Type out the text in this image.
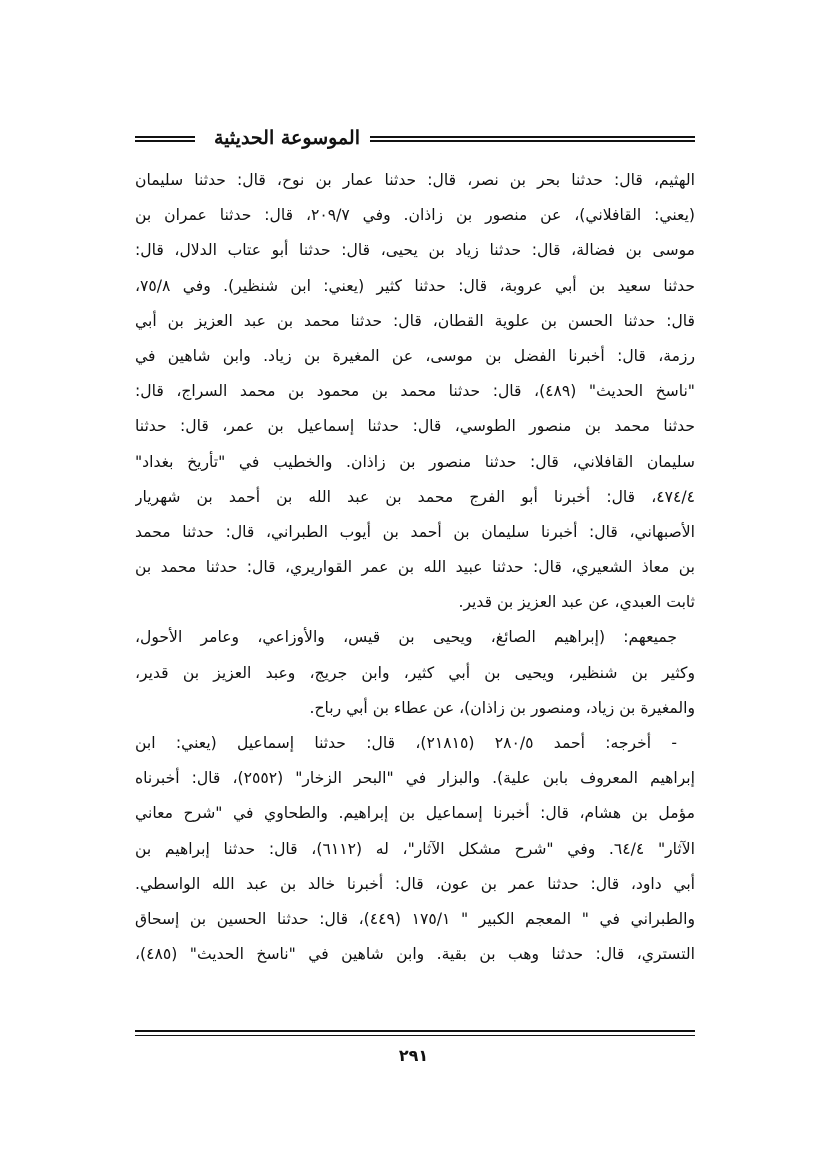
الموسوعة الحديثية
الهثيم، قال: حدثنا بحر بن نصر، قال: حدثنا عمار بن نوح، قال: حدثنا سليمان
(يعني: القافلاني)، عن منصور بن زاذان. وفي ٢٠٩/٧، قال: حدثنا عمران بن
موسى بن فضالة، قال: حدثنا زياد بن يحيى، قال: حدثنا أبو عتاب الدلال، قال:
حدثنا سعيد بن أبي عروبة، قال: حدثنا كثير (يعني: ابن شنظير). وفي ٧٥/٨،
قال: حدثنا الحسن بن علوية القطان، قال: حدثنا محمد بن عبد العزيز بن أبي
رزمة، قال: أخبرنا الفضل بن موسى، عن المغيرة بن زياد. وابن شاهين في
"ناسخ الحديث" (٤٨٩)، قال: حدثنا محمد بن محمود بن محمد السراج، قال:
حدثنا محمد بن منصور الطوسي، قال: حدثنا إسماعيل بن عمر، قال: حدثنا
سليمان القافلاني، قال: حدثنا منصور بن زاذان. والخطيب في "تأريخ بغداد"
٤٧٤/٤، قال: أخبرنا أبو الفرج محمد بن عبد الله بن أحمد بن شهريار
الأصبهاني، قال: أخبرنا سليمان بن أحمد بن أيوب الطبراني، قال: حدثنا محمد
بن معاذ الشعيري، قال: حدثنا عبيد الله بن عمر القواريري، قال: حدثنا محمد بن
ثابت العبدي، عن عبد العزيز بن قدير.
جميعهم: (إبراهيم الصائغ، ويحيى بن قيس، والأوزاعي، وعامر الأحول،
وكثير بن شنظير، ويحيى بن أبي كثير، وابن جريج، وعبد العزيز بن قدير،
والمغيرة بن زياد، ومنصور بن زاذان)، عن عطاء بن أبي رباح.
- أخرجه: أحمد ٢٨٠/٥ (٢١٨١٥)، قال: حدثنا إسماعيل (يعني: ابن
إبراهيم المعروف بابن علية). والبزار في "البحر الزخار" (٢٥٥٢)، قال: أخبرناه
مؤمل بن هشام، قال: أخبرنا إسماعيل بن إبراهيم. والطحاوي في "شرح معاني
الآثار" ٦٤/٤. وفي "شرح مشكل الآثار"، له (٦١١٢)، قال: حدثنا إبراهيم بن
أبي داود، قال: حدثنا عمر بن عون، قال: أخبرنا خالد بن عبد الله الواسطي.
والطبراني في " المعجم الكبير " ١٧٥/١ (٤٤٩)، قال: حدثنا الحسين بن إسحاق
التستري، قال: حدثنا وهب بن بقية. وابن شاهين في "ناسخ الحديث" (٤٨٥)،
٢٩١
